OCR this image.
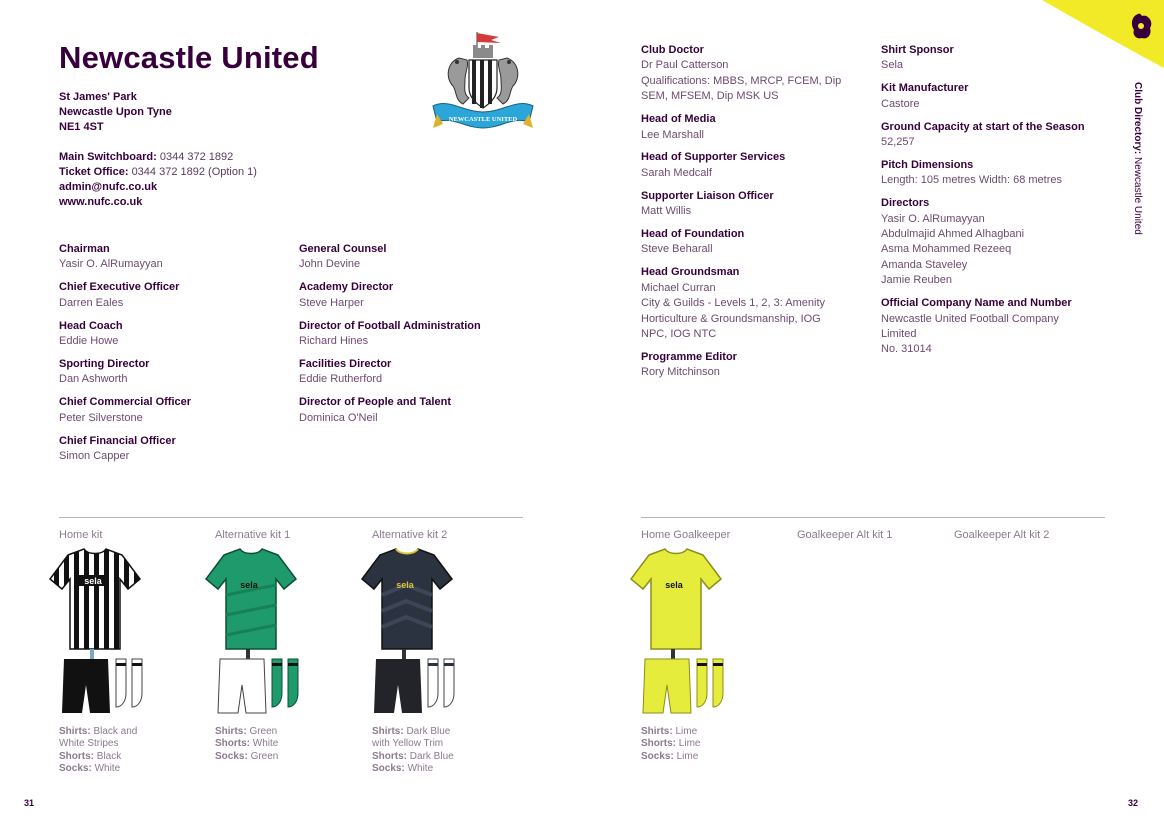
Newcastle United
NEWCASTLE UNITED
St James' Park
Newcastle Upon Tyne
NE1 4ST
Main Switchboard: 0344 372 1892
Ticket Office: 0344 372 1892 (Option 1)
admin@nufc.co.uk
www.nufc.co.uk
Chairman
Yasir O. AlRumayyan
Chief Executive Officer
Darren Eales
Head Coach
Eddie Howe
Sporting Director
Dan Ashworth
Chief Commercial Officer
Peter Silverstone
Chief Financial Officer
Simon Capper
General Counsel
John Devine
Academy Director
Steve Harper
Director of Football Administration
Richard Hines
Facilities Director
Eddie Rutherford
Director of People and Talent
Dominica O'Neil
Club Doctor
Dr Paul Catterson
Qualifications: MBBS, MRCP, FCEM, Dip
SEM, MFSEM, Dip MSK US
Head of Media
Lee Marshall
Head of Supporter Services
Sarah Medcalf
Supporter Liaison Officer
Matt Willis
Head of Foundation
Steve Beharall
Head Groundsman
Michael Curran
City & Guilds - Levels 1, 2, 3: Amenity
Horticulture & Groundsmanship, IOG
NPC, IOG NTC
Programme Editor
Rory Mitchinson
Shirt Sponsor
Sela
Kit Manufacturer
Castore
Ground Capacity at start of the Season
52,257
Pitch Dimensions
Length: 105 metres Width: 68 metres
Directors
Yasir O. AlRumayyan
Abdulmajid Ahmed Alhagbani
Asma Mohammed Rezeeq
Amanda Staveley
Jamie Reuben
Official Company Name and Number
Newcastle United Football Company
Limited
No. 31014
Home kit	Alternative kit 1	Alternative kit 2	Home Goalkeeper	Goalkeeper Alt kit 1	Goalkeeper Alt kit 2
sela	sela	sela	sela
Shirts: Black and
White Stripes
Shorts: Black
Socks: White
Shirts: Green
Shorts: White
Socks: Green
Shirts: Dark Blue
with Yellow Trim
Shorts: Dark Blue
Socks: White
Shirts: Lime
Shorts: Lime
Socks: Lime
31	32
Club Directory: Newcastle United
